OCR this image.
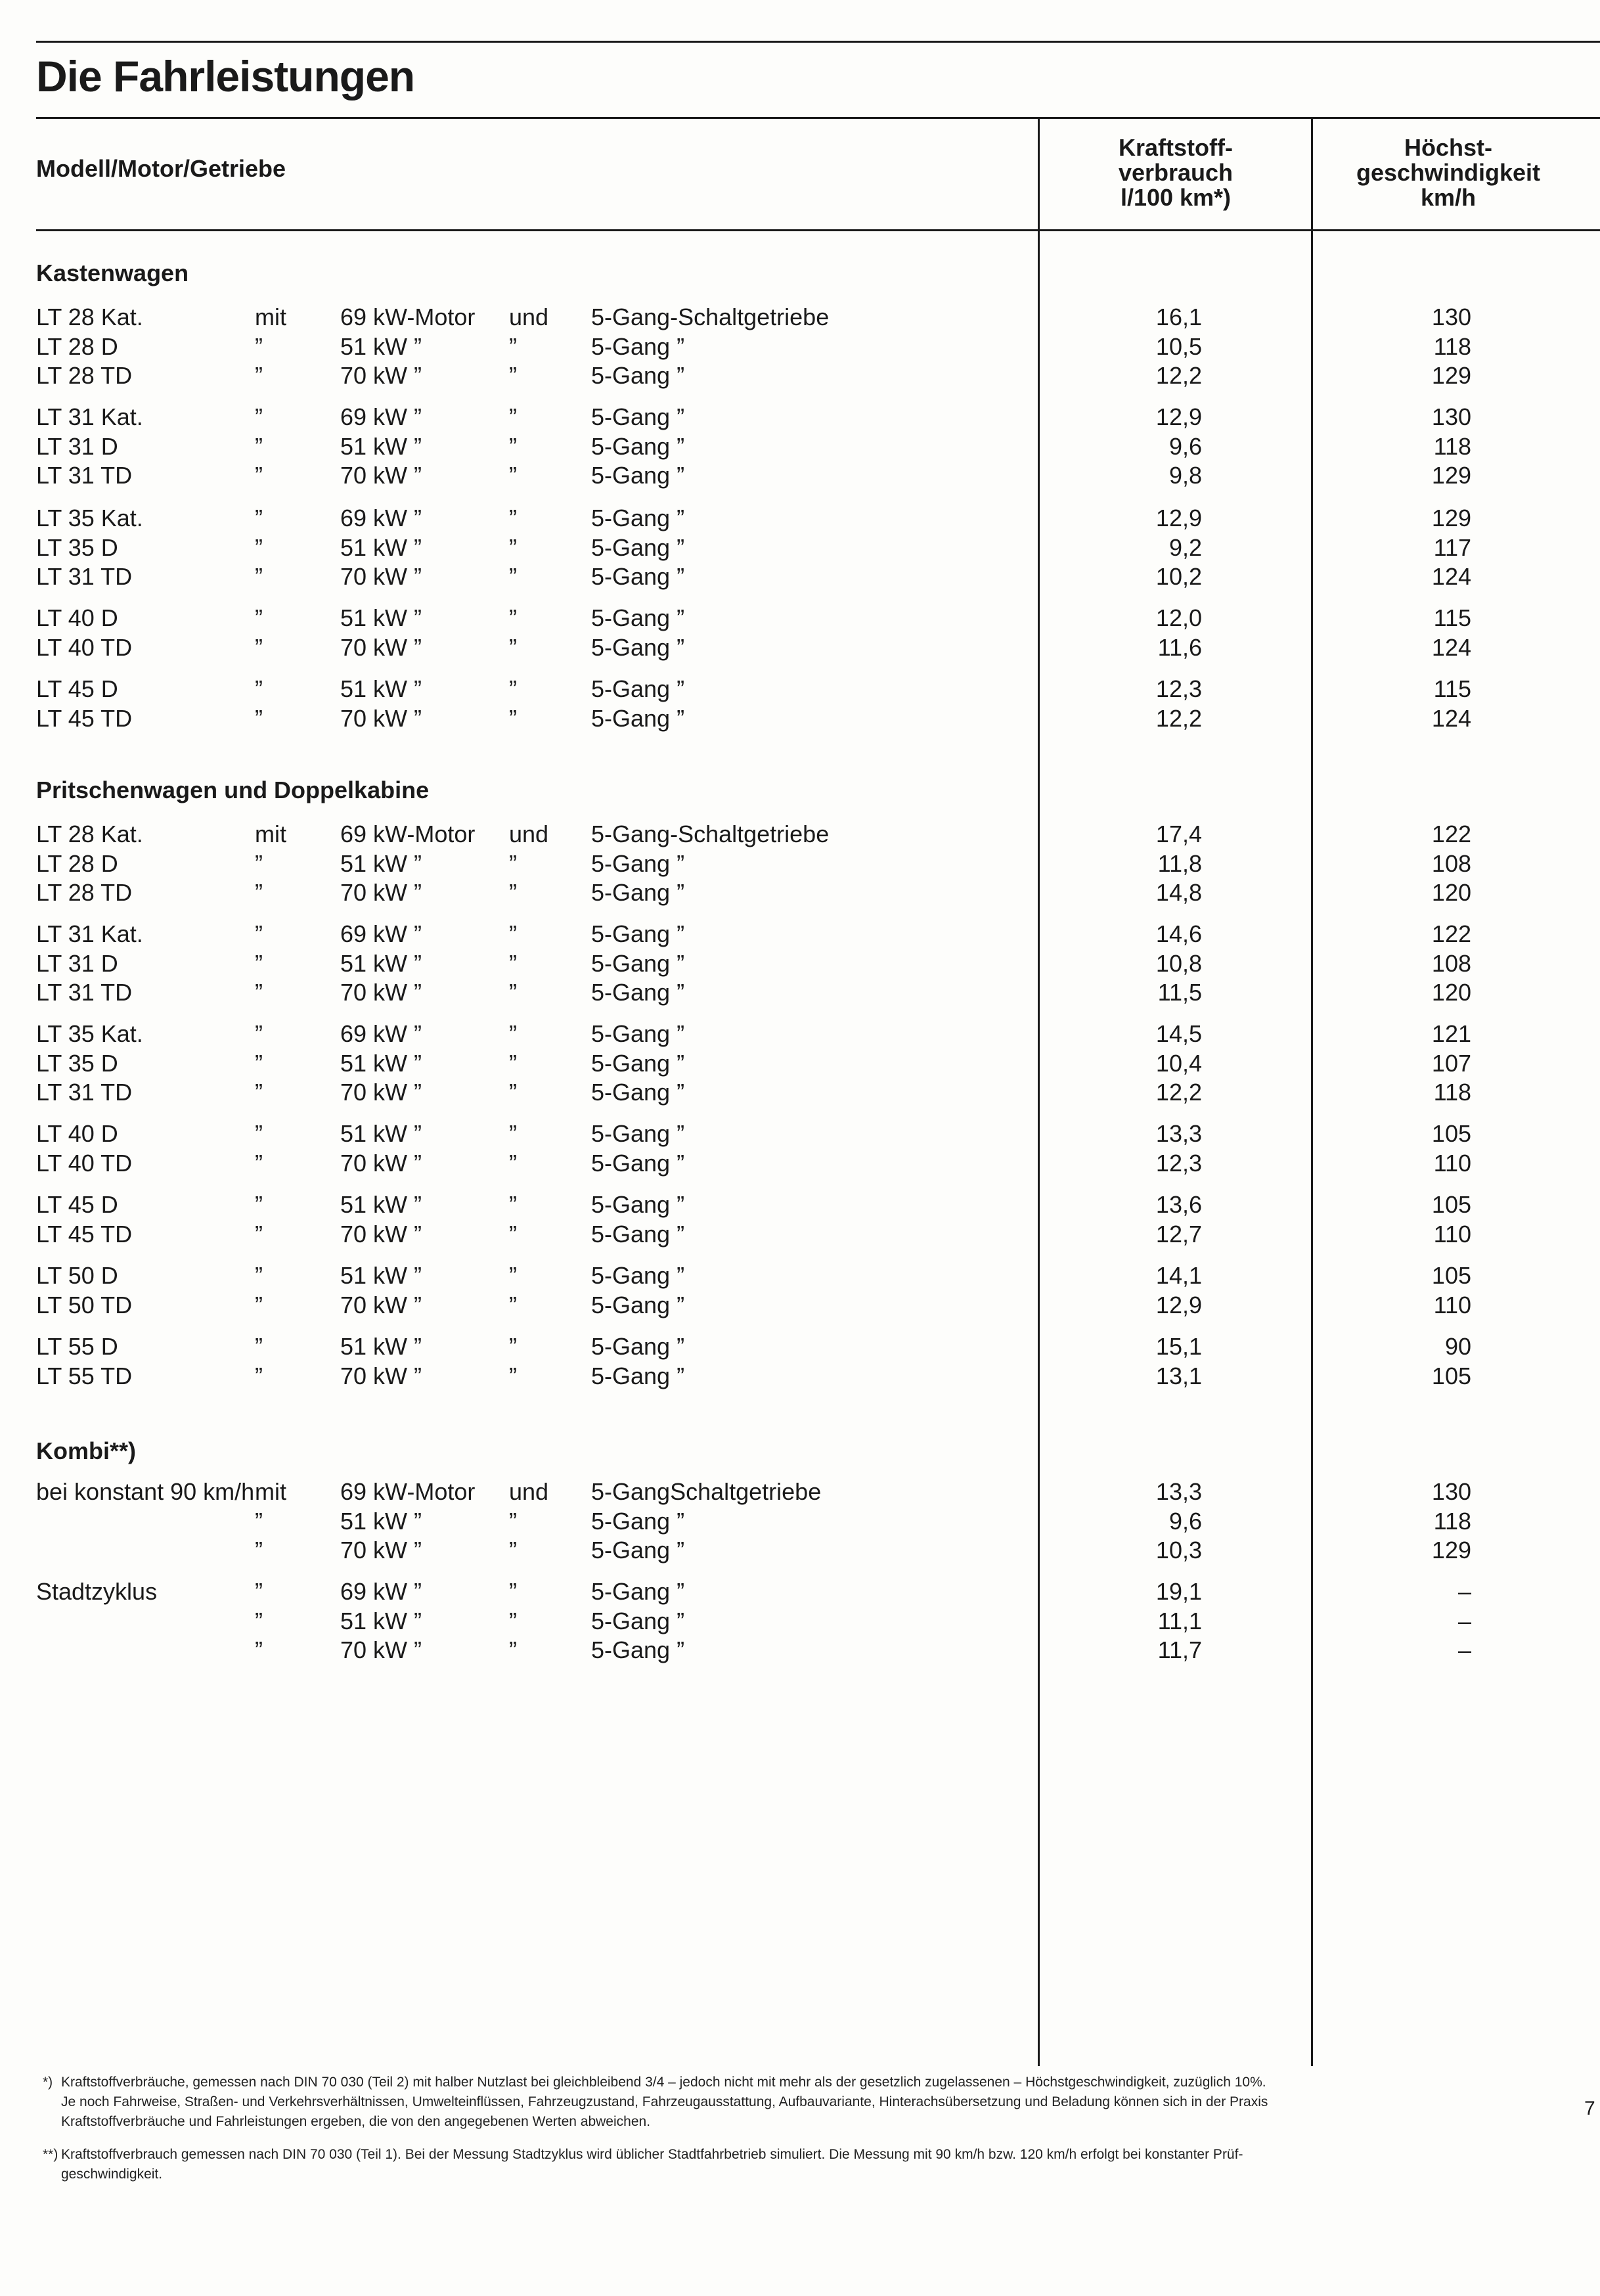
Die Fahrleistungen
Modell/Motor/Getriebe
Kraftstoff-
verbrauch
l/100 km*)
Höchst-
geschwindigkeit
km/h
Kastenwagen
LT 28 Kat.	mit 69 kW-Motor und 5-Gang-Schaltgetriebe	16,1	130
LT 28 D	”	51 kW ”	”	5-Gang ”	10,5	118
LT 28 TD	”	70 kW ”	”	5-Gang ”	12,2	129
LT 31 Kat.	”	69 kW ”	”	5-Gang ”	12,9	130
LT 31 D	”	51 kW ”	”	5-Gang ”	9,6	118
LT 31 TD	”	70 kW ”	”	5-Gang ”	9,8	129
LT 35 Kat.	”	69 kW ”	”	5-Gang ”	12,9	129
LT 35 D	”	51 kW ”	”	5-Gang ”	9,2	117
LT 31 TD	”	70 kW ”	”	5-Gang ”	10,2	124
LT 40 D	”	51 kW ”	”	5-Gang ”	12,0	115
LT 40 TD	”	70 kW ”	”	5-Gang ”	11,6	124
LT 45 D	”	51 kW ”	”	5-Gang ”	12,3	115
LT 45 TD	”	70 kW ”	”	5-Gang ”	12,2	124
Pritschenwagen und Doppelkabine
LT 28 Kat.	mit 69 kW-Motor und 5-Gang-Schaltgetriebe	17,4	122
LT 28 D	”	51 kW ”	”	5-Gang ”	11,8	108
LT 28 TD	”	70 kW ”	”	5-Gang ”	14,8	120
LT 31 Kat.	”	69 kW ”	”	5-Gang ”	14,6	122
LT 31 D	”	51 kW ”	”	5-Gang ”	10,8	108
LT 31 TD	”	70 kW ”	”	5-Gang ”	11,5	120
LT 35 Kat.	”	69 kW ”	”	5-Gang ”	14,5	121
LT 35 D	”	51 kW ”	”	5-Gang ”	10,4	107
LT 31 TD	”	70 kW ”	”	5-Gang ”	12,2	118
LT 40 D	”	51 kW ”	”	5-Gang ”	13,3	105
LT 40 TD	”	70 kW ”	”	5-Gang ”	12,3	110
LT 45 D	”	51 kW ”	”	5-Gang ”	13,6	105
LT 45 TD	”	70 kW ”	”	5-Gang ”	12,7	110
LT 50 D	”	51 kW ”	”	5-Gang ”	14,1	105
LT 50 TD	”	70 kW ”	”	5-Gang ”	12,9	110
LT 55 D	”	51 kW ”	”	5-Gang ”	15,1	90
LT 55 TD	”	70 kW ”	”	5-Gang ”	13,1	105
Kombi**)
bei konstant 90 km/h mit 69 kW-Motor und 5-GangSchaltgetriebe	13,3	130
”	51 kW ”	”	5-Gang ”	9,6	118
”	70 kW ”	”	5-Gang ”	10,3	129
Stadtzyklus	”	69 kW ”	”	5-Gang ”	19,1	–
”	51 kW ”	”	5-Gang ”	11,1	–
”	70 kW ”	”	5-Gang ”	11,7	–
*) Kraftstoffverbräuche, gemessen nach DIN 70 030 (Teil 2) mit halber Nutzlast bei gleichbleibend 3/4 – jedoch nicht mit mehr als der gesetzlich zugelassenen – Höchstgeschwindigkeit, zuzüglich 10%.
Je noch Fahrweise, Straßen- und Verkehrsverhältnissen, Umwelteinflüssen, Fahrzeugzustand, Fahrzeugausstattung, Aufbauvariante, Hinterachsübersetzung und Beladung können sich in der Praxis
Kraftstoffverbräuche und Fahrleistungen ergeben, die von den angegebenen Werten abweichen.
**) Kraftstoffverbrauch gemessen nach DIN 70 030 (Teil 1). Bei der Messung Stadtzyklus wird üblicher Stadtfahrbetrieb simuliert. Die Messung mit 90 km/h bzw. 120 km/h erfolgt bei konstanter Prüf-
geschwindigkeit.
7
